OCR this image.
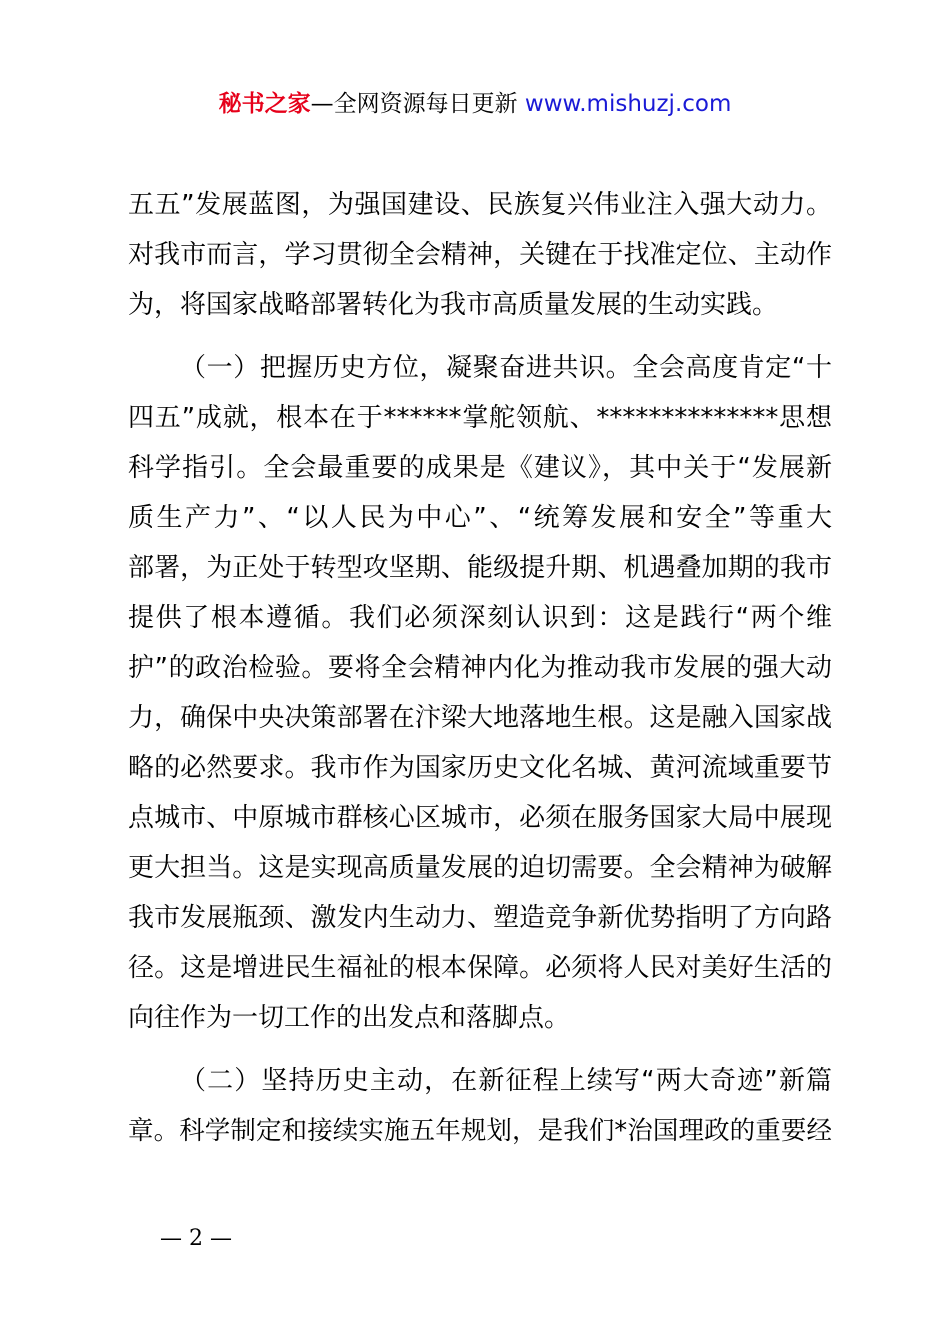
秘书之家—全网资源每日更新 www.mishuzj.com
五五”发展蓝图，为强国建设、民族复兴伟业注入强大动力。
对我市而言，学习贯彻全会精神，关键在于找准定位、主动作
为，将国家战略部署转化为我市高质量发展的生动实践。
（一）把握历史方位，凝聚奋进共识。全会高度肯定“十
四五”成就，根本在于******掌舵领航、**************思想
科学指引。全会最重要的成果是《建议》，其中关于“发展新
质生产力”、“以人民为中心”、“统筹发展和安全”等重大
部署，为正处于转型攻坚期、能级提升期、机遇叠加期的我市
提供了根本遵循。我们必须深刻认识到：这是践行“两个维
护”的政治检验。要将全会精神内化为推动我市发展的强大动
力，确保中央决策部署在汴梁大地落地生根。这是融入国家战
略的必然要求。我市作为国家历史文化名城、黄河流域重要节
点城市、中原城市群核心区城市，必须在服务国家大局中展现
更大担当。这是实现高质量发展的迫切需要。全会精神为破解
我市发展瓶颈、激发内生动力、塑造竞争新优势指明了方向路
径。这是增进民生福祉的根本保障。必须将人民对美好生活的
向往作为一切工作的出发点和落脚点。
（二）坚持历史主动，在新征程上续写“两大奇迹”新篇
章。科学制定和接续实施五年规划，是我们*治国理政的重要经
— 2 —
